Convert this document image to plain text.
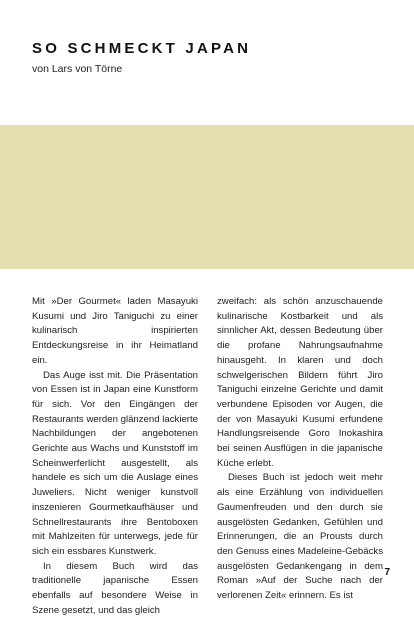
SO SCHMECKT JAPAN
von Lars von Törne

Mit »Der Gourmet« laden Masayuki Kusumi und Jiro Taniguchi zu einer kulinarisch inspirierten Entdeckungsreise in ihr Heimatland ein.

Das Auge isst mit. Die Präsentation von Essen ist in Japan eine Kunstform für sich. Vor den Eingängen der Restaurants werden glänzend lackierte Nachbildungen der angebotenen Gerichte aus Wachs und Kunststoff im Scheinwerferlicht ausgestellt, als handele es sich um die Auslage eines Juweliers. Nicht weniger kunstvoll inszenieren Gourmetkaufhäuser und Schnellrestaurants ihre Bentoboxen mit Mahlzeiten für unterwegs, jede für sich ein essbares Kunstwerk.

In diesem Buch wird das traditionelle japanische Essen ebenfalls auf besondere Weise in Szene gesetzt, und das gleich

zweifach: als schön anzuschauende kulinarische Kostbarkeit und als sinnlicher Akt, dessen Bedeutung über die profane Nahrungsaufnahme hinausgeht. In klaren und doch schwelgerischen Bildern führt Jiro Taniguchi einzelne Gerichte und damit verbundene Episoden vor Augen, die der von Masayuki Kusumi erfundene Handlungsreisende Goro Inokashira bei seinen Ausflügen in die japanische Küche erlebt.

Dieses Buch ist jedoch weit mehr als eine Erzählung von individuellen Gaumenfreuden und den durch sie ausgelösten Gedanken, Gefühlen und Erinnerungen, die an Prousts durch den Genuss eines Madeleine-Gebäcks ausgelösten Gedankengang in dem Roman »Auf der Suche nach der verlorenen Zeit« erinnern. Es ist

7
